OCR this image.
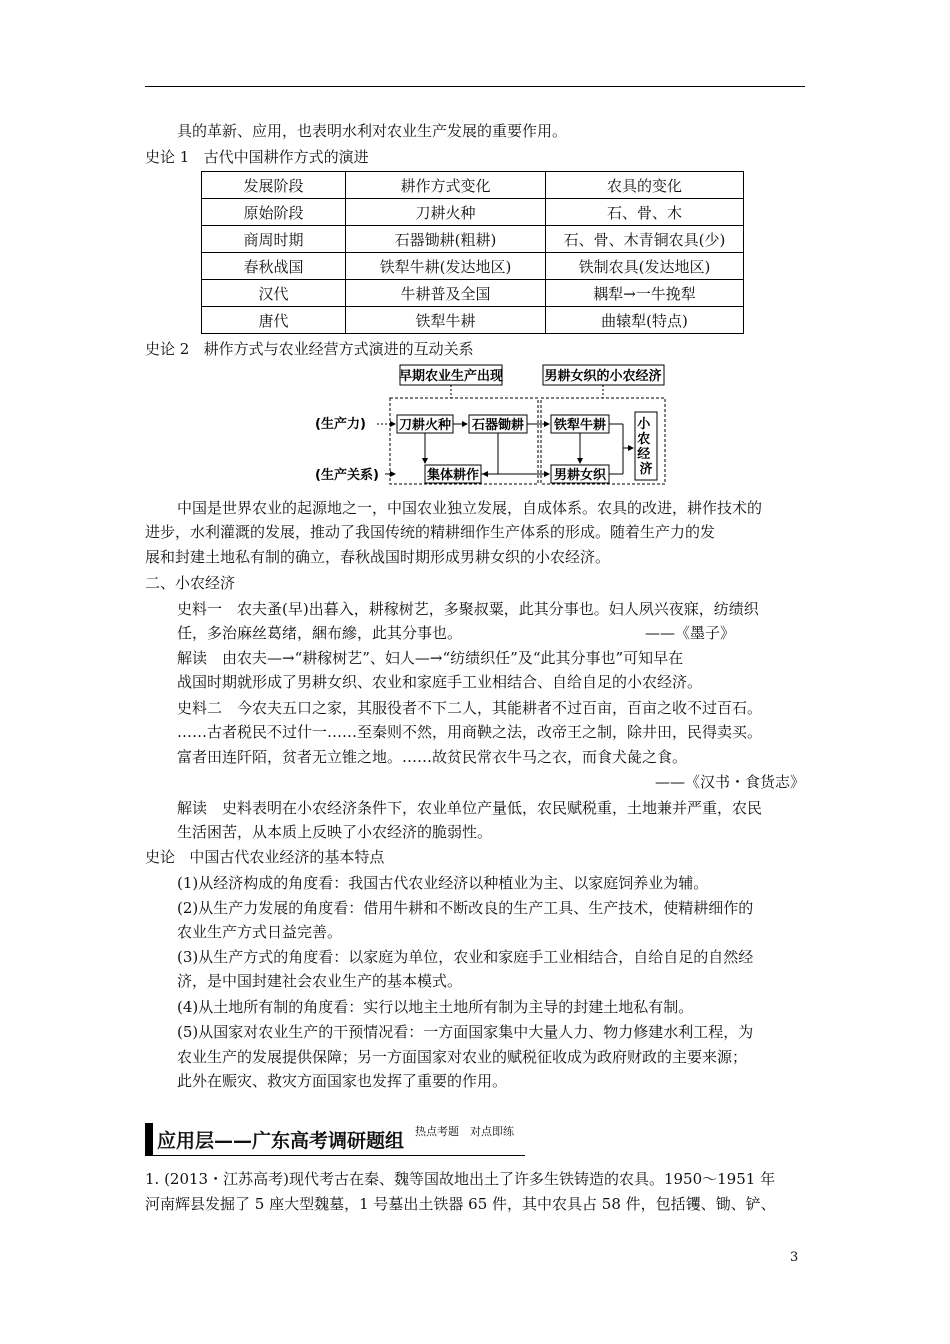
具的革新、应用，也表明水利对农业生产发展的重要作用。
史论 1 古代中国耕作方式的演进
发展阶段	耕作方式变化	农具的变化
原始阶段	刀耕火种	石、骨、木
商周时期	石器锄耕(粗耕)	石、骨、木青铜农具(少)
春秋战国	铁犁牛耕(发达地区)	铁制农具(发达地区)
汉代	牛耕普及全国	耦犁→一牛挽犁
唐代	铁犁牛耕	曲辕犁(特点)
史论 2 耕作方式与农业经营方式演进的互动关系
早期农业生产出现	男耕女织的小农经济
(生产力)
(生产关系)
刀耕火种 石器锄耕
集体耕作
铁犁牛耕
男耕女织
小 农 经 济
中国是世界农业的起源地之一，中国农业独立发展，自成体系。农具的改进，耕作技术的
进步，水利灌溉的发展，推动了我国传统的精耕细作生产体系的形成。随着生产力的发
展和封建土地私有制的确立，春秋战国时期形成男耕女织的小农经济。
二、小农经济
史料一　农夫蚤(早)出暮入，耕稼树艺，多聚叔粟，此其分事也。妇人夙兴夜寐，纺绩织
任，多治麻丝葛绪，綑布縿，此其分事也。	——《墨子》
解读　由农夫—→“耕稼树艺”、妇人—→“纺绩织任”及“此其分事也”可知早在
战国时期就形成了男耕女织、农业和家庭手工业相结合、自给自足的小农经济。
史料二　今农夫五口之家，其服役者不下二人，其能耕者不过百亩，百亩之收不过百石。
……古者税民不过什一……至秦则不然，用商鞅之法，改帝王之制，除井田，民得卖买。
富者田连阡陌，贫者无立锥之地。……故贫民常衣牛马之衣，而食犬彘之食。
——《汉书・食货志》
解读　史料表明在小农经济条件下，农业单位产量低，农民赋税重，土地兼并严重，农民
生活困苦，从本质上反映了小农经济的脆弱性。
史论 中国古代农业经济的基本特点
(1)从经济构成的角度看：我国古代农业经济以种植业为主、以家庭饲养业为辅。
(2)从生产力发展的角度看：借用牛耕和不断改良的生产工具、生产技术，使精耕细作的
农业生产方式日益完善。
(3)从生产方式的角度看：以家庭为单位，农业和家庭手工业相结合，自给自足的自然经
济，是中国封建社会农业生产的基本模式。
(4)从土地所有制的角度看：实行以地主土地所有制为主导的封建土地私有制。
(5)从国家对农业生产的干预情况看：一方面国家集中大量人力、物力修建水利工程，为
农业生产的发展提供保障；另一方面国家对农业的赋税征收成为政府财政的主要来源；
此外在赈灾、救灾方面国家也发挥了重要的作用。
应用层——广东高考调研题组 热点考题　对点即练
1. (2013・江苏高考)现代考古在秦、魏等国故地出土了许多生铁铸造的农具。1950～1951 年
河南辉县发掘了 5 座大型魏墓，1 号墓出土铁器 65 件，其中农具占 58 件，包括䦆、锄、铲、
3
